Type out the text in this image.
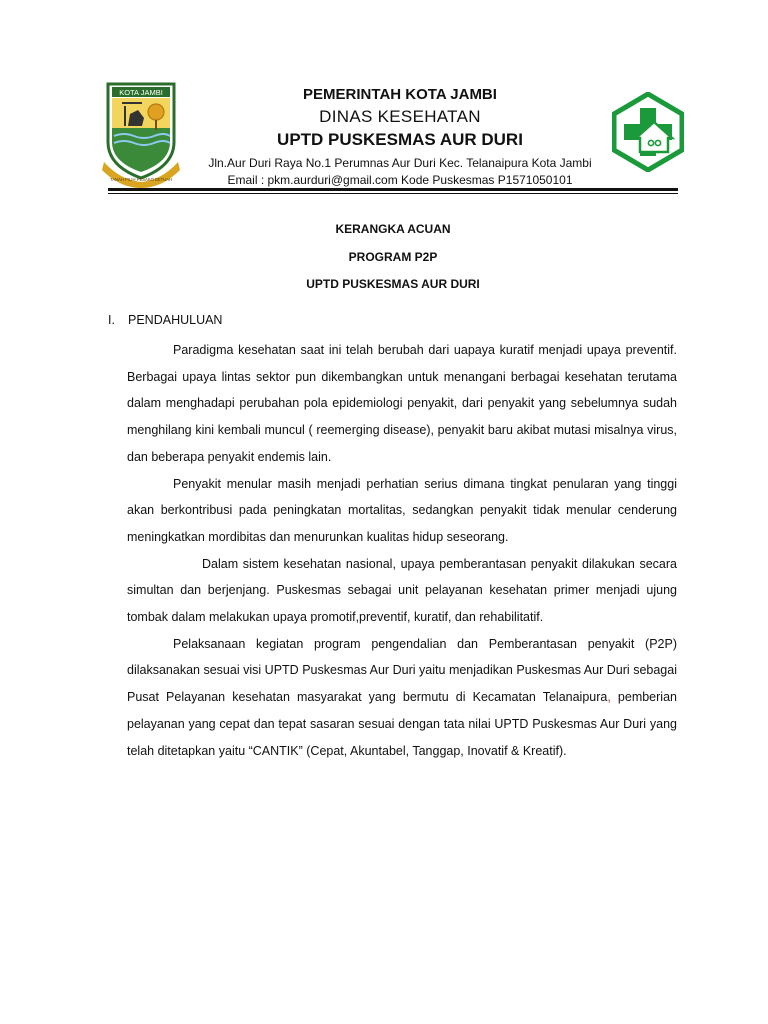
KOTA JAMBI
TANAH PILIH PESAKO BETUAH
PEMERINTAH KOTA JAMBI
DINAS KESEHATAN
UPTD PUSKESMAS AUR DURI
Jln.Aur Duri Raya No.1 Perumnas Aur Duri Kec. Telanaipura Kota Jambi
Email : pkm.aurduri@gmail.com Kode Puskesmas P1571050101
KERANGKA ACUAN
PROGRAM P2P
UPTD PUSKESMAS AUR DURI
I. PENDAHULUAN

Paradigma kesehatan saat ini telah berubah dari uapaya kuratif menjadi upaya preventif. Berbagai upaya lintas sektor pun dikembangkan untuk menangani berbagai kesehatan terutama dalam menghadapi perubahan pola epidemiologi penyakit, dari penyakit yang sebelumnya sudah menghilang kini kembali muncul ( reemerging disease), penyakit baru akibat mutasi misalnya virus, dan beberapa penyakit endemis lain.

Penyakit menular masih menjadi perhatian serius dimana tingkat penularan yang tinggi akan berkontribusi pada peningkatan mortalitas, sedangkan penyakit tidak menular cenderung meningkatkan mordibitas dan menurunkan kualitas hidup seseorang.

Dalam sistem kesehatan nasional, upaya pemberantasan penyakit dilakukan secara simultan dan berjenjang. Puskesmas sebagai unit pelayanan kesehatan primer menjadi ujung tombak dalam melakukan upaya promotif,preventif, kuratif, dan rehabilitatif.

Pelaksanaan kegiatan program pengendalian dan Pemberantasan penyakit (P2P) dilaksanakan sesuai visi UPTD Puskesmas Aur Duri yaitu menjadikan Puskesmas Aur Duri sebagai Pusat Pelayanan kesehatan masyarakat yang bermutu di Kecamatan Telanaipura, pemberian pelayanan yang cepat dan tepat sasaran sesuai dengan tata nilai UPTD Puskesmas Aur Duri yang telah ditetapkan yaitu “CANTIK” (Cepat, Akuntabel, Tanggap, Inovatif & Kreatif).
